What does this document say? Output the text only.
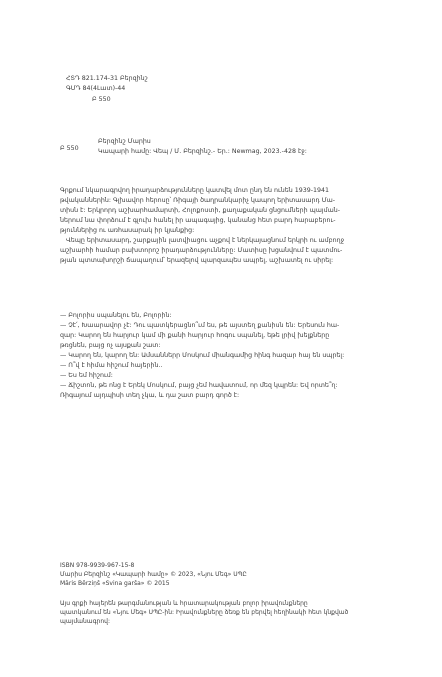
ՀՏԴ 821.174-31 Բերզինշ
ԳՄԴ 84(4Լատ)-44
Բ 550
Բ 550
Բերզինշ Մարիս
Կապարի համը: Վեպ / Մ. Բերզինշ.- Եր.: Newmag, 2023.-428 էջ:
Գրքում նկարագրվող իրադարձությունները կատվել մոտ ընդ են ունեն 1939-1941
թվականներին: Գլխավոր հերոսը՝ Ռիգայի ծաղրանկարիչ կապող երիտասարդ Մա-
տիսն է: Երկրորդ աշխարհամարտի, Հոլոքոստի, քաղաքական ցնցումների պայման-
ներում նա փորձում է գլուխ հանել իր ապագայից, կանանց հետ բարդ հարաբերու-
թյուններից ու առհասարակ իր կյանքից:
Վեպը երիտասարդ, շարքային լատվիացու աչքով է ներկայացնում երկրի ու ամբողջ
աշխարհի համար բախտորոշ իրադարձությունները: Մատիսը խցանվում է պատմու-
թյան պտտախորշի ճապաղում՝ երազելով պարզապես ապրել, աշխատել ու սիրել:
— Բոլորիս սպանելու են, Բոլորին:
— Չէ՛, Խաարավոր չէ: Դու պատկերացնո՞ւմ ես, թե այստեղ քանիսն են: Երեսուն հա-
զար: Կարող են հարյուր կամ մի քանի հարյուր հոգու սպանել, եթե լրիվ խելքները
թռցնեն, բայց ոչ այսքան շատ:
— Կարող են, կարող են: Ամսաններր Մոսկում միանգամից հինգ հազար հայ են սպրել:
— Ո՞վ է հիմա հիշում հայերին..
— Ես եմ հիշում:
— Ճիշտոն, թե ոնց է Երեկ Մոսկում, բայց չեմ հավատում, որ մեզ կպրեն: Եվ որտե՞ղ:
Ռիգայում այդպիսի տեղ չկա, և դա շատ բարդ գործ է:
ISBN 978-9939-967-15-8
Մարիս Բերզինշ «Կապարի համը» © 2023, «Նյու Մեգ» ՍՊԸ
Māris Bērziņš «Svina garša» © 2015
Այս գրքի հայերեն թարգմանության և հրատարակության բոլոր իրավունքները
պատկանում են «Նյու Մեգ» ՍՊԸ-ին: Իրավունքները ձեռք են բերվել հեղինակի հետ կնքված
պայմանագրով:
